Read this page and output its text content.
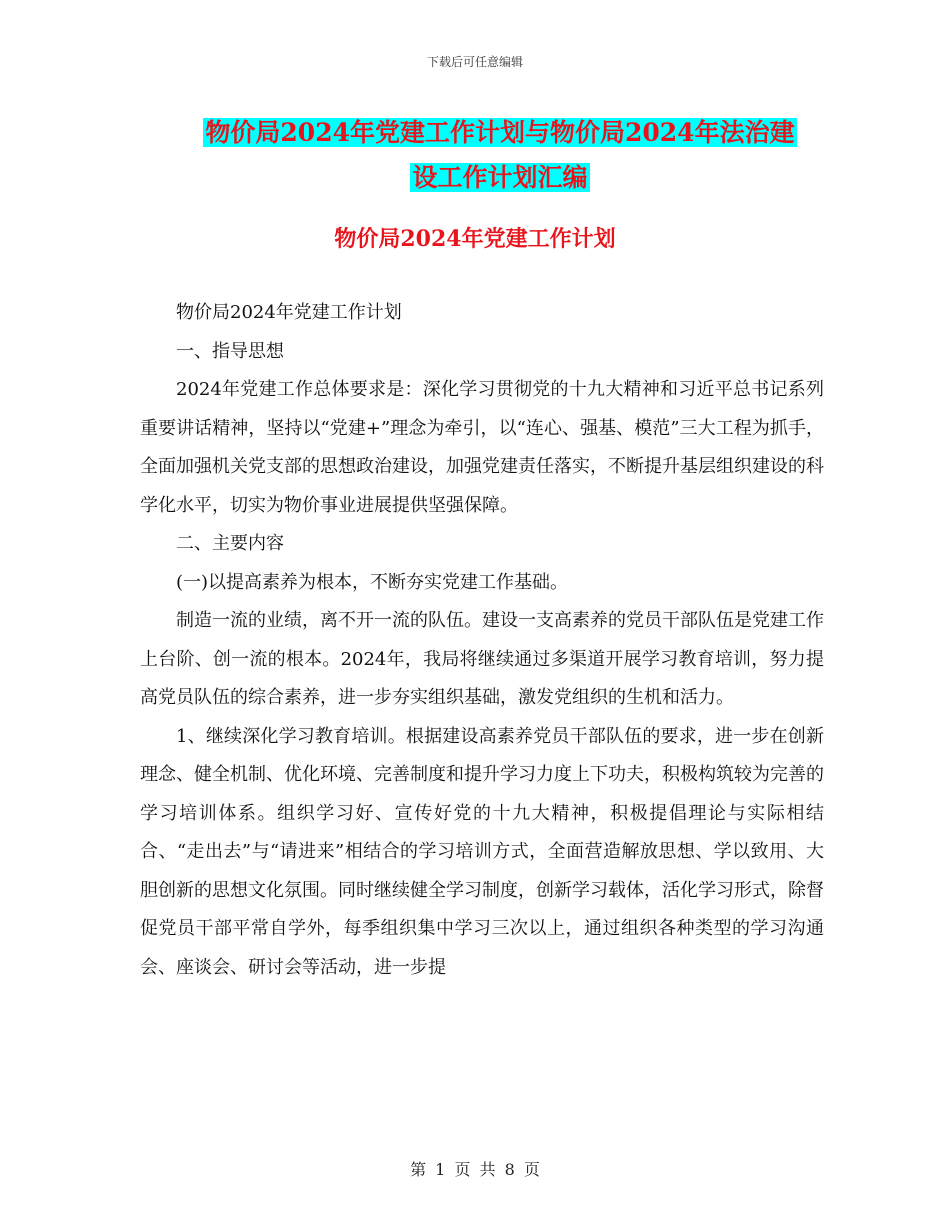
下载后可任意编辑
物价局2024年党建工作计划与物价局2024年法治建
设工作计划汇编
物价局2024年党建工作计划

物价局2024年党建工作计划

一、指导思想

2024年党建工作总体要求是：深化学习贯彻党的十九大精神和习近平总书记系列重要讲话精神，坚持以“党建+”理念为牵引，以“连心、强基、模范”三大工程为抓手，全面加强机关党支部的思想政治建设，加强党建责任落实，不断提升基层组织建设的科学化水平，切实为物价事业进展提供坚强保障。

二、主要内容

(一)以提高素养为根本，不断夯实党建工作基础。

制造一流的业绩，离不开一流的队伍。建设一支高素养的党员干部队伍是党建工作上台阶、创一流的根本。2024年，我局将继续通过多渠道开展学习教育培训，努力提高党员队伍的综合素养，进一步夯实组织基础，激发党组织的生机和活力。

1、继续深化学习教育培训。根据建设高素养党员干部队伍的要求，进一步在创新理念、健全机制、优化环境、完善制度和提升学习力度上下功夫，积极构筑较为完善的学习培训体系。组织学习好、宣传好党的十九大精神，积极提倡理论与实际相结合、“走出去”与“请进来”相结合的学习培训方式，全面营造解放思想、学以致用、大胆创新的思想文化氛围。同时继续健全学习制度，创新学习载体，活化学习形式，除督促党员干部平常自学外，每季组织集中学习三次以上，通过组织各种类型的学习沟通会、座谈会、研讨会等活动，进一步提

第 1 页 共 8 页
